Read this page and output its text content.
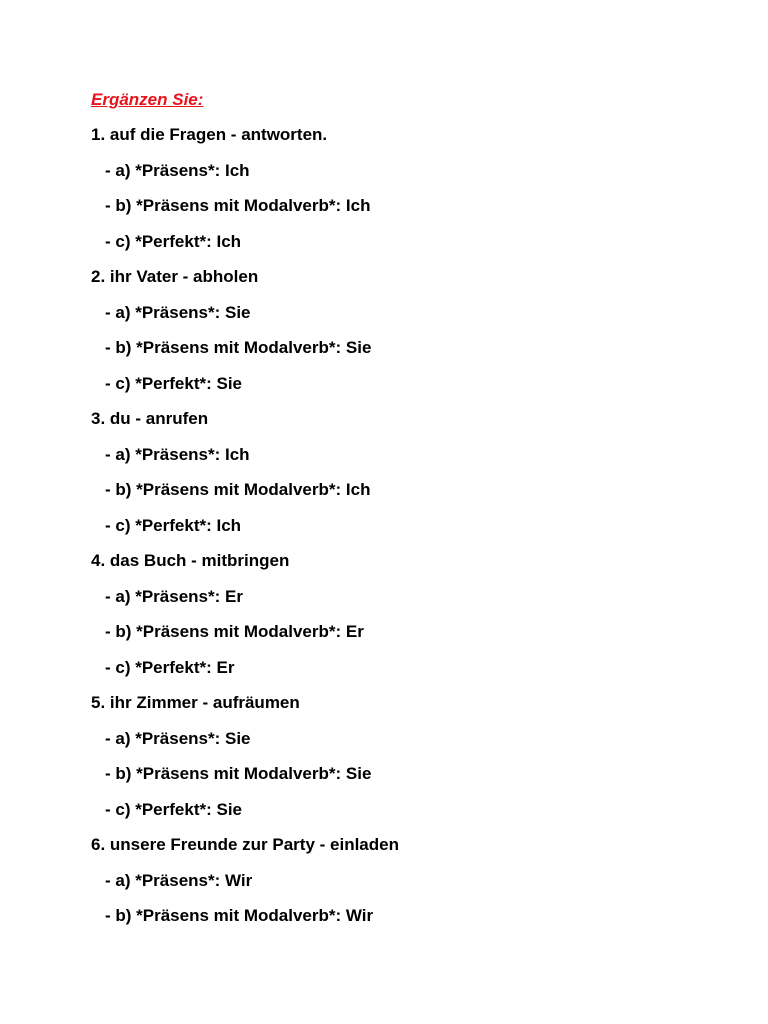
Ergänzen Sie:
1. auf die Fragen - antworten.
- a) *Präsens*: Ich
- b) *Präsens mit Modalverb*: Ich
- c) *Perfekt*: Ich
2. ihr Vater - abholen
- a) *Präsens*: Sie
- b) *Präsens mit Modalverb*: Sie
- c) *Perfekt*: Sie
3. du - anrufen
- a) *Präsens*: Ich
- b) *Präsens mit Modalverb*: Ich
- c) *Perfekt*: Ich
4. das Buch - mitbringen
- a) *Präsens*: Er
- b) *Präsens mit Modalverb*: Er
- c) *Perfekt*: Er
5. ihr Zimmer - aufräumen
- a) *Präsens*: Sie
- b) *Präsens mit Modalverb*: Sie
- c) *Perfekt*: Sie
6. unsere Freunde zur Party - einladen
- a) *Präsens*: Wir
- b) *Präsens mit Modalverb*: Wir
